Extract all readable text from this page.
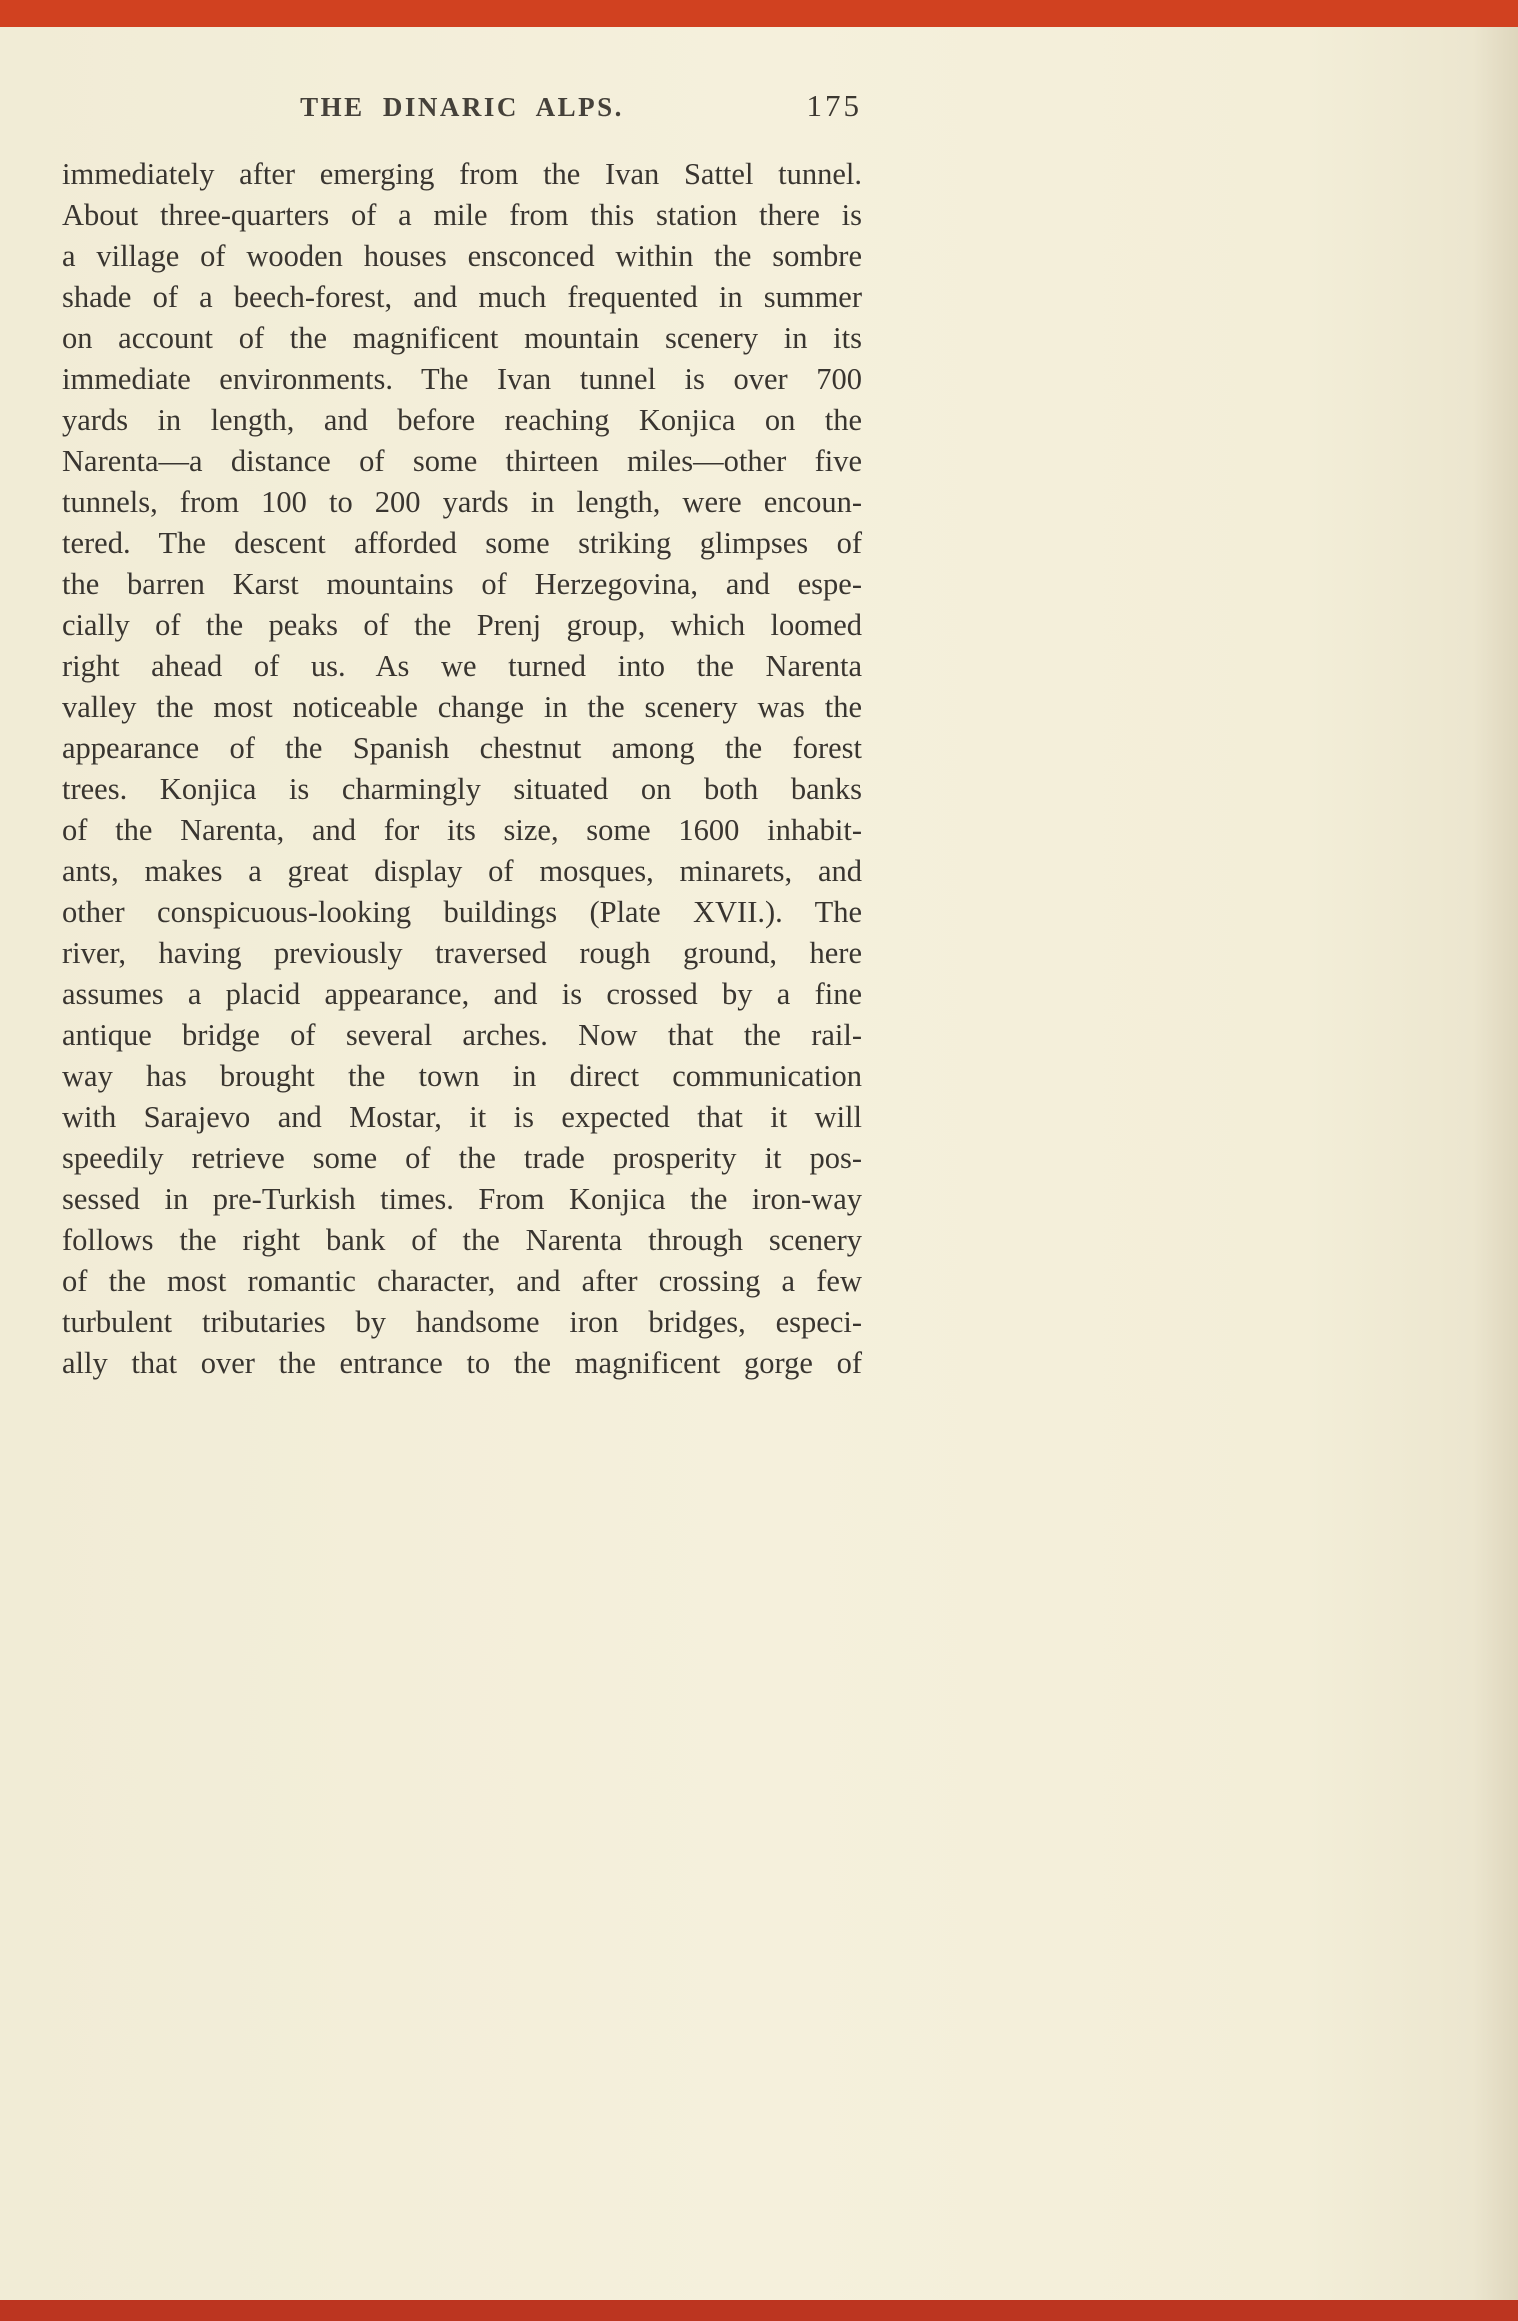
THE DINARIC ALPS.	175
immediately after emerging from the Ivan Sattel tunnel.
About three-quarters of a mile from this station there is
a village of wooden houses ensconced within the sombre
shade of a beech-forest, and much frequented in summer
on account of the magnificent mountain scenery in its
immediate environments. The Ivan tunnel is over 700
yards in length, and before reaching Konjica on the
Narenta—a distance of some thirteen miles—other five
tunnels, from 100 to 200 yards in length, were encoun-
tered. The descent afforded some striking glimpses of
the barren Karst mountains of Herzegovina, and espe-
cially of the peaks of the Prenj group, which loomed
right ahead of us. As we turned into the Narenta
valley the most noticeable change in the scenery was the
appearance of the Spanish chestnut among the forest
trees. Konjica is charmingly situated on both banks
of the Narenta, and for its size, some 1600 inhabit-
ants, makes a great display of mosques, minarets, and
other conspicuous-looking buildings (Plate XVII.). The
river, having previously traversed rough ground, here
assumes a placid appearance, and is crossed by a fine
antique bridge of several arches. Now that the rail-
way has brought the town in direct communication
with Sarajevo and Mostar, it is expected that it will
speedily retrieve some of the trade prosperity it pos-
sessed in pre-Turkish times. From Konjica the iron-way
follows the right bank of the Narenta through scenery
of the most romantic character, and after crossing a few
turbulent tributaries by handsome iron bridges, especi-
ally that over the entrance to the magnificent gorge of
